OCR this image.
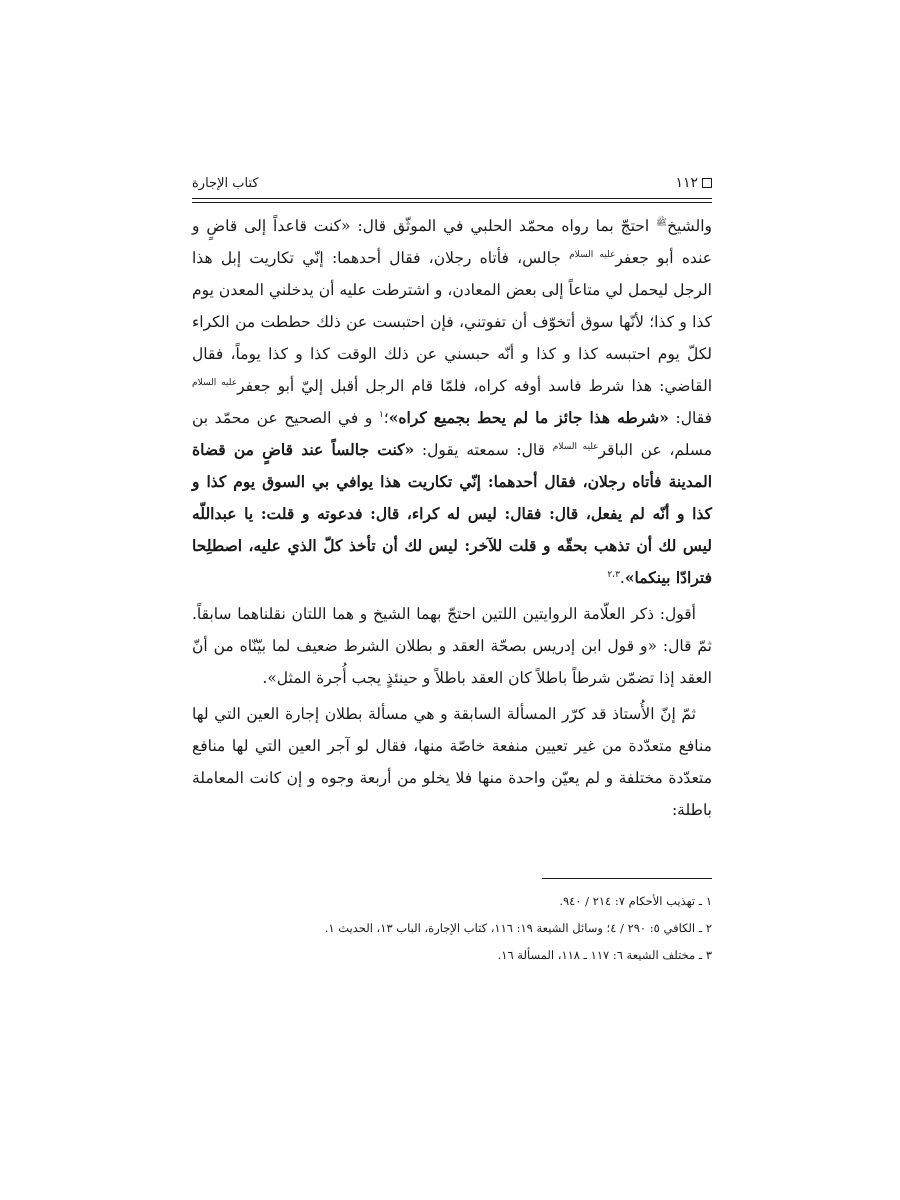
١١٢
كتاب الإجارة

والشيخ$^ﷺ$ احتجّ بما رواه محمّد الحلبي في الموثّق قال: «كنت قاعداً إلى قاضٍ و عنده أبو جعفر$^{عليه السلام}$ جالس، فأتاه رجلان، فقال أحدهما: إنّي تكاريت إبل هذا الرجل ليحمل لي متاعاً إلى بعض المعادن، و اشترطت عليه أن يدخلني المعدن يوم كذا و كذا؛ لأنّها سوق أتخوّف أن تفوتني، فإن احتبست عن ذلك حططت من الكراء لكلّ يوم احتبسه كذا و كذا و أنّه حبسني عن ذلك الوقت كذا و كذا يوماً، فقال القاضي: هذا شرط فاسد أوفه كراه، فلمّا قام الرجل أقبل إليّ أبو جعفر$^{عليه السلام}$ فقال: «شرطه هذا جائز ما لم يحط بجميع كراه»؛$^١$ و في الصحيح عن محمّد بن مسلم، عن الباقر$^{عليه السلام}$ قال: سمعته يقول: «كنت جالساً عند قاضٍ من قضاة المدينة فأتاه رجلان، فقال أحدهما: إنّي تكاريت هذا يوافي بي السوق يوم كذا و كذا و أنّه لم يفعل، قال: فقال: ليس له كراء، قال: فدعوته و قلت: يا عبداللّه ليس لك أن تذهب بحقّه و قلت للآخر: ليس لك أن تأخذ كلّ الذي عليه، اصطلِحا فترادّا بينكما».$^{٢،٣}$

أقول: ذكر العلّامة الروايتين اللتين احتجّ بهما الشيخ و هما اللتان نقلناهما سابقاً. ثمّ قال: «و قول ابن إدريس بصحّة العقد و بطلان الشرط ضعيف لما بيّنّاه من أنّ العقد إذا تضمّن شرطاً باطلاً كان العقد باطلاً و حينئذٍ يجب أُجرة المثل».

ثمّ إنّ الأُستاذ قد كرّر المسألة السابقة و هي مسألة بطلان إجارة العين التي لها منافع متعدّدة من غير تعيين منفعة خاصّة منها، فقال لو آجر العين التي لها منافع متعدّدة مختلفة و لم يعيّن واحدة منها فلا يخلو من أربعة وجوه و إن كانت المعاملة باطلة:

١ ـ تهذيب الأحكام ٧: ٢١٤ / ٩٤٠.

٢ ـ الكافي ٥: ٢٩٠ / ٤؛ وسائل الشيعة ١٩: ١١٦، كتاب الإجارة، الباب ١٣، الحديث ١.

٣ ـ مختلف الشيعة ٦: ١١٧ ـ ١١٨، المسألة ١٦.
